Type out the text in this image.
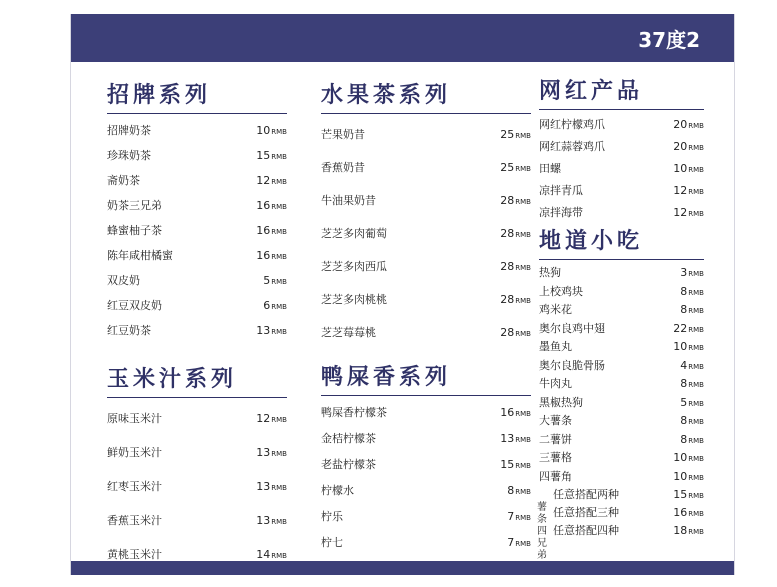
37度2
招牌系列
招牌奶茶	10RMB
珍珠奶茶	15RMB
斋奶茶	12RMB
奶茶三兄弟	16RMB
蜂蜜柚子茶	16RMB
陈年咸柑橘蜜	16RMB
双皮奶	5RMB
红豆双皮奶	6RMB
红豆奶茶	13RMB
玉米汁系列
原味玉米汁	12RMB
鲜奶玉米汁	13RMB
红枣玉米汁	13RMB
香蕉玉米汁	13RMB
黄桃玉米汁	14RMB
水果茶系列
芒果奶昔	25RMB
香蕉奶昔	25RMB
牛油果奶昔	28RMB
芝芝多肉葡萄	28RMB
芝芝多肉西瓜	28RMB
芝芝多肉桃桃	28RMB
芝芝莓莓桃	28RMB
鸭屎香系列
鸭屎香柠檬茶	16RMB
金桔柠檬茶	13RMB
老盐柠檬茶	15RMB
柠檬水	8RMB
柠乐	7RMB
柠七	7RMB
网红产品
网红柠檬鸡爪	20RMB
网红蒜蓉鸡爪	20RMB
田螺	10RMB
凉拌青瓜	12RMB
凉拌海带	12RMB
地道小吃
热狗	3RMB
上校鸡块	8RMB
鸡米花	8RMB
奥尔良鸡中翅	22RMB
墨鱼丸	10RMB
奥尔良脆骨肠	4RMB
牛肉丸	8RMB
黑椒热狗	5RMB
大薯条	8RMB
二薯饼	8RMB
三薯格	10RMB
四薯角	10RMB
薯条四兄弟
任意搭配两种	15RMB
任意搭配三种	16RMB
任意搭配四种	18RMB
